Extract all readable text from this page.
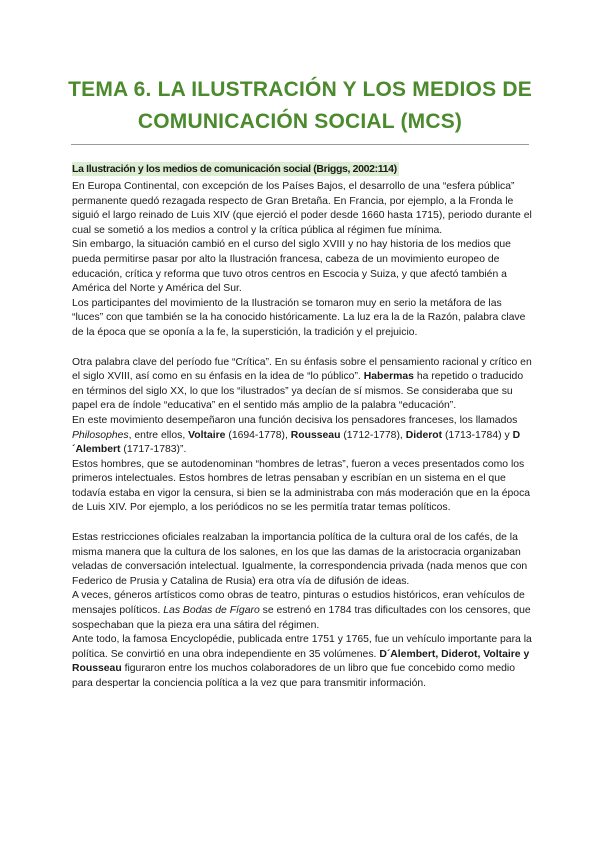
TEMA 6. LA ILUSTRACIÓN Y LOS MEDIOS DE
COMUNICACIÓN SOCIAL (MCS)
La Ilustración y los medios de comunicación social (Briggs, 2002:114)

En Europa Continental, con excepción de los Países Bajos, el desarrollo de una “esfera pública” permanente quedó rezagada respecto de Gran Bretaña. En Francia, por ejemplo, a la Fronda le siguió el largo reinado de Luis XIV (que ejerció el poder desde 1660 hasta 1715), periodo durante el cual se sometió a los medios a control y la crítica pública al régimen fue mínima.

Sin embargo, la situación cambió en el curso del siglo XVIII y no hay historia de los medios que pueda permitirse pasar por alto la Ilustración francesa, cabeza de un movimiento europeo de educación, crítica y reforma que tuvo otros centros en Escocia y Suiza, y que afectó también a América del Norte y América del Sur.

Los participantes del movimiento de la Ilustración se tomaron muy en serio la metáfora de las “luces” con que también se la ha conocido históricamente. La luz era la de la Razón, palabra clave de la época que se oponía a la fe, la superstición, la tradición y el prejuicio.

Otra palabra clave del período fue “Crítica”. En su énfasis sobre el pensamiento racional y crítico en el siglo XVIII, así como en su énfasis en la idea de “lo público”. Habermas ha repetido o traducido en términos del siglo XX, lo que los “ilustrados” ya decían de sí mismos. Se consideraba que su papel era de índole “educativa” en el sentido más amplio de la palabra “educación”.

En este movimiento desempeñaron una función decisiva los pensadores franceses, los llamados Philosophes, entre ellos, Voltaire (1694-1778), Rousseau (1712-1778), Diderot (1713-1784) y D´Alembert (1717-1783)”.

Estos hombres, que se autodenominan “hombres de letras”, fueron a veces presentados como los primeros intelectuales. Estos hombres de letras pensaban y escribían en un sistema en el que todavía estaba en vigor la censura, si bien se la administraba con más moderación que en la época de Luis XIV. Por ejemplo, a los periódicos no se les permitía tratar temas políticos.

Estas restricciones oficiales realzaban la importancia política de la cultura oral de los cafés, de la misma manera que la cultura de los salones, en los que las damas de la aristocracia organizaban veladas de conversación intelectual. Igualmente, la correspondencia privada (nada menos que con Federico de Prusia y Catalina de Rusia) era otra vía de difusión de ideas.

A veces, géneros artísticos como obras de teatro, pinturas o estudios históricos, eran vehículos de mensajes políticos. Las Bodas de Fígaro se estrenó en 1784 tras dificultades con los censores, que sospechaban que la pieza era una sátira del régimen.

Ante todo, la famosa Encyclopédie, publicada entre 1751 y 1765, fue un vehículo importante para la política. Se convirtió en una obra independiente en 35 volúmenes. D´Alembert, Diderot, Voltaire y Rousseau figuraron entre los muchos colaboradores de un libro que fue concebido como medio para despertar la conciencia política a la vez que para transmitir información.
